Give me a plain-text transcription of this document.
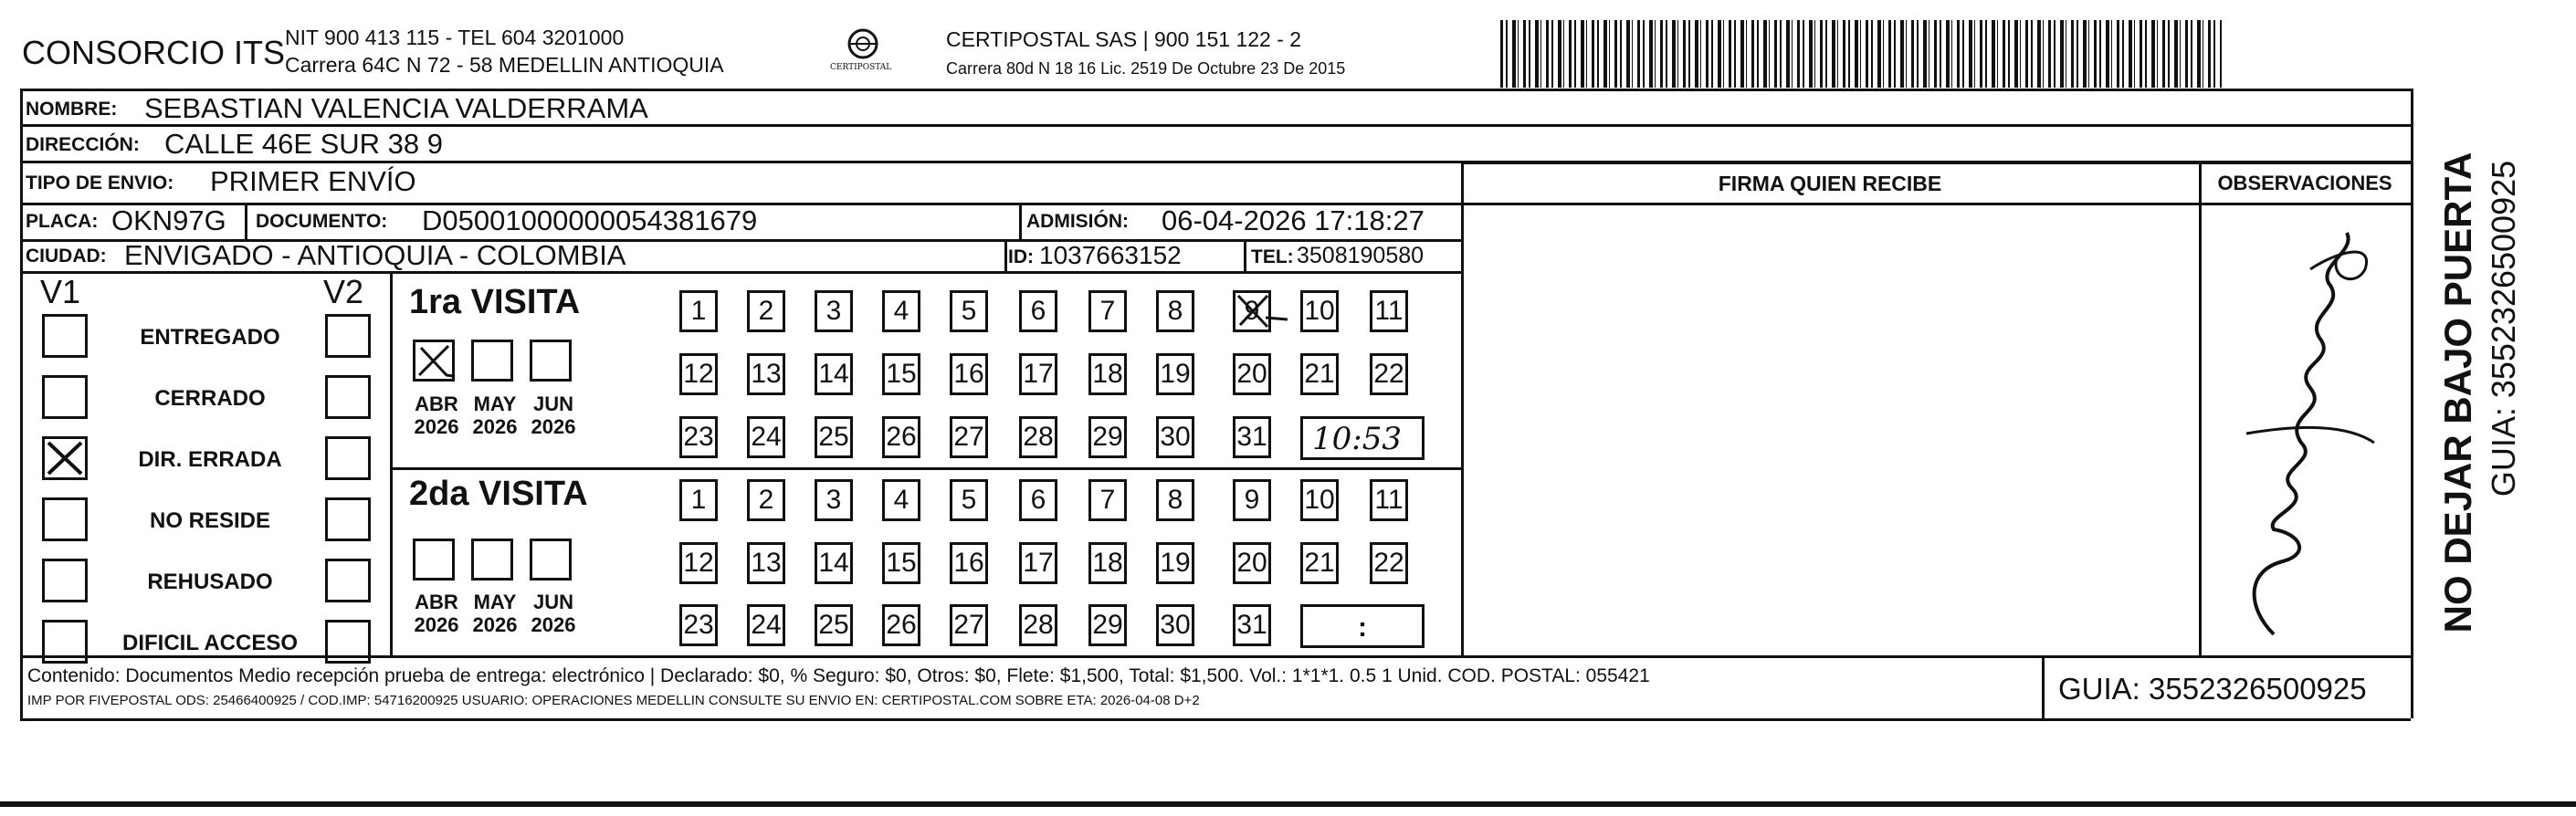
CONSORCIO ITS NIT 900 413 115 - TEL 604 3201000
Carrera 64C N 72 - 58 MEDELLIN ANTIOQUIA	CERTIPOSTAL
CERTIPOSTAL SAS | 900 151 122 - 2
Carrera 80d N 18 16 Lic. 2519 De Octubre 23 De 2015
NOMBRE: SEBASTIAN VALENCIA VALDERRAMA
DIRECCIÓN: CALLE 46E SUR 38 9
TIPO DE ENVIO: PRIMER ENVÍO
PLACA: OKN97G DOCUMENTO: D05001000000054381679	ADMISIÓN: 06-04-2026 17:18:27
CIUDAD: ENVIGADO - ANTIOQUIA - COLOMBIA	ID: 1037663152	TEL: 3508190580
FIRMA QUIEN RECIBE	OBSERVACIONES
V1	V2
ENTREGADO
CERRADO
DIR. ERRADA
NO RESIDE
REHUSADO
DIFICIL ACCESO
1ra VISITA
2da VISITA
ABR
2026
MAY
2026
JUN
2026
ABR
2026
MAY
2026
JUN
2026
1	2	3	4	5	6	7	8	9	10 11
12 13 14 15 16 17 18 19 20 21 22
23 24 25 26 27 28 29 30 31
1	2	3	4	5	6	7	8	9	10 11
12 13 14 15 16 17 18 19 20 21 22
23 24 25 26 27 28 29 30 31
10:53
:
Contenido: Documentos Medio recepción prueba de entrega: electrónico | Declarado: $0, % Seguro: $0, Otros: $0, Flete: $1,500, Total: $1,500. Vol.: 1*1*1. 0.5 1 Unid. COD. POSTAL: 055421
IMP POR FIVEPOSTAL ODS: 25466400925 / COD.IMP: 54716200925 USUARIO: OPERACIONES MEDELLIN CONSULTE SU ENVIO EN: CERTIPOSTAL.COM SOBRE ETA: 2026-04-08 D+2	GUIA: 3552326500925
NO DEJAR BAJO PUERTA GUIA: 3552326500925
